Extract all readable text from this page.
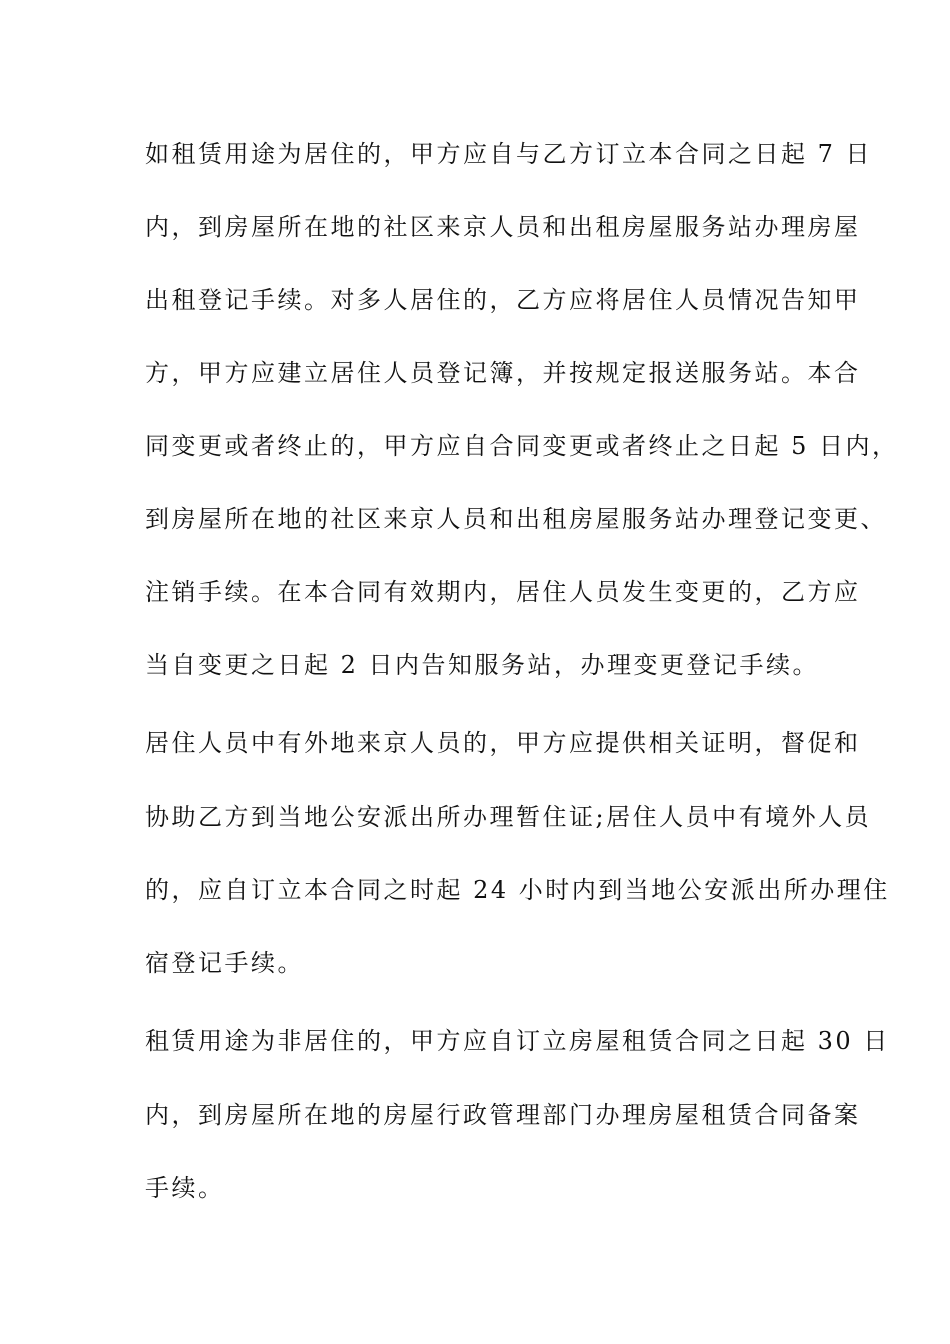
如租赁用途为居住的，甲方应自与乙方订立本合同之日起 7 日

内，到房屋所在地的社区来京人员和出租房屋服务站办理房屋

出租登记手续。对多人居住的，乙方应将居住人员情况告知甲

方，甲方应建立居住人员登记簿，并按规定报送服务站。本合

同变更或者终止的，甲方应自合同变更或者终止之日起 5 日内，

到房屋所在地的社区来京人员和出租房屋服务站办理登记变更、

注销手续。在本合同有效期内，居住人员发生变更的，乙方应

当自变更之日起 2 日内告知服务站，办理变更登记手续。

居住人员中有外地来京人员的，甲方应提供相关证明，督促和

协助乙方到当地公安派出所办理暂住证;居住人员中有境外人员

的，应自订立本合同之时起 24 小时内到当地公安派出所办理住

宿登记手续。

租赁用途为非居住的，甲方应自订立房屋租赁合同之日起 30 日

内，到房屋所在地的房屋行政管理部门办理房屋租赁合同备案

手续。
